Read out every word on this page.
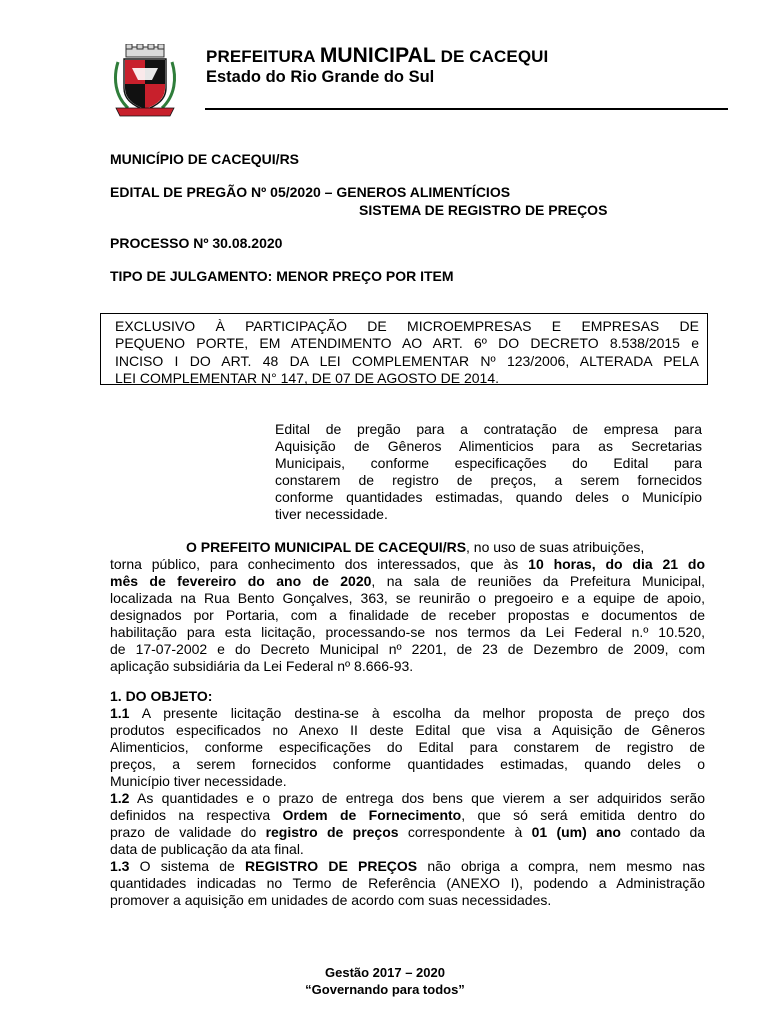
PREFEITURA MUNICIPAL DE CACEQUI
Estado do Rio Grande do Sul
MUNICÍPIO DE CACEQUI/RS
EDITAL DE PREGÃO Nº 05/2020 – GENEROS ALIMENTÍCIOS
SISTEMA DE REGISTRO DE PREÇOS
PROCESSO Nº 30.08.2020
TIPO DE JULGAMENTO: MENOR PREÇO POR ITEM
EXCLUSIVO À PARTICIPAÇÃO DE MICROEMPRESAS E EMPRESAS DE
PEQUENO PORTE, EM ATENDIMENTO AO ART. 6º DO DECRETO 8.538/2015 e
INCISO I DO ART. 48 DA LEI COMPLEMENTAR Nº 123/2006, ALTERADA PELA
LEI COMPLEMENTAR N° 147, DE 07 DE AGOSTO DE 2014.
Edital de pregão para a contratação de empresa para
Aquisição de Gêneros Alimenticios para as Secretarias
Municipais, conforme especificações do Edital para
constarem de registro de preços, a serem fornecidos
conforme quantidades estimadas, quando deles o Município
tiver necessidade.
O PREFEITO MUNICIPAL DE CACEQUI/RS, no uso de suas atribuições,
torna público, para conhecimento dos interessados, que às 10 horas, do dia 21 do
mês de fevereiro do ano de 2020, na sala de reuniões da Prefeitura Municipal,
localizada na Rua Bento Gonçalves, 363, se reunirão o pregoeiro e a equipe de apoio,
designados por Portaria, com a finalidade de receber propostas e documentos de
habilitação para esta licitação, processando-se nos termos da Lei Federal n.º 10.520,
de 17-07-2002 e do Decreto Municipal nº 2201, de 23 de Dezembro de 2009, com
aplicação subsidiária da Lei Federal nº 8.666-93.
1. DO OBJETO:
1.1 A presente licitação destina-se à escolha da melhor proposta de preço dos
produtos especificados no Anexo II deste Edital que visa a Aquisição de Gêneros
Alimenticios, conforme especificações do Edital para constarem de registro de
preços, a serem fornecidos conforme quantidades estimadas, quando deles o
Município tiver necessidade.
1.2 As quantidades e o prazo de entrega dos bens que vierem a ser adquiridos serão
definidos na respectiva Ordem de Fornecimento, que só será emitida dentro do
prazo de validade do registro de preços correspondente à 01 (um) ano contado da
data de publicação da ata final.
1.3 O sistema de REGISTRO DE PREÇOS não obriga a compra, nem mesmo nas
quantidades indicadas no Termo de Referência (ANEXO I), podendo a Administração
promover a aquisição em unidades de acordo com suas necessidades.
Gestão 2017 – 2020
“Governando para todos”
